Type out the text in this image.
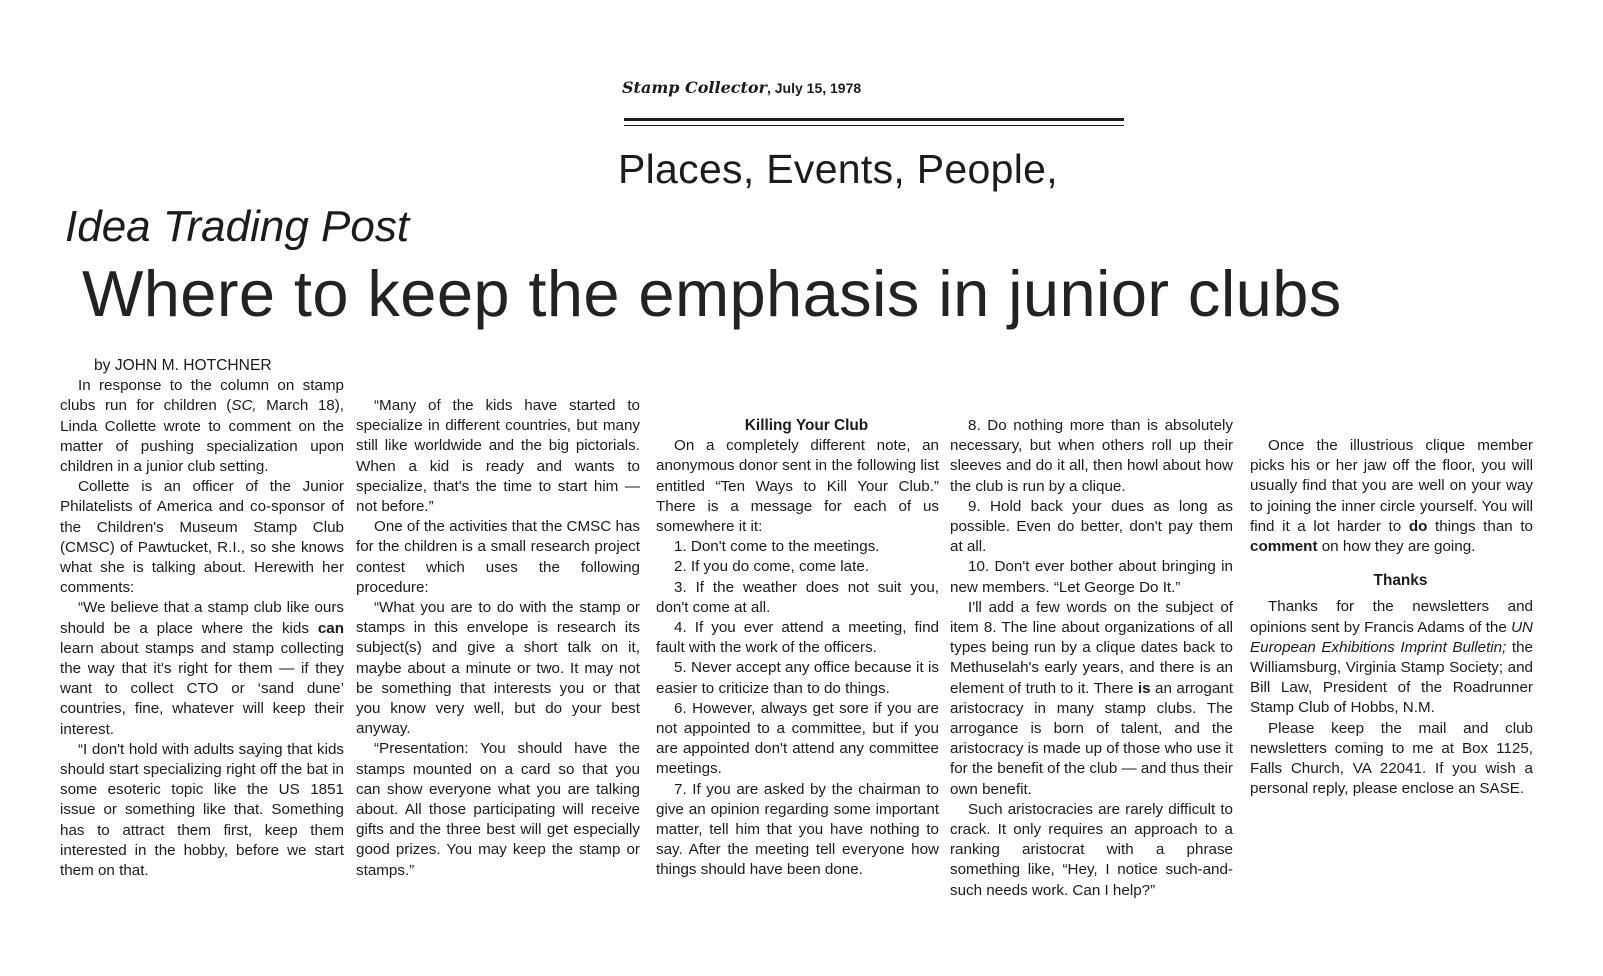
Stamp Collector, July 15, 1978
Places, Events, People,
Idea Trading Post
Where to keep the emphasis in junior clubs

by JOHN M. HOTCHNER

In response to the column on stamp clubs run for children (SC, March 18), Linda Collette wrote to comment on the matter of pushing specialization upon children in a junior club setting.

Collette is an officer of the Junior Philatelists of America and co-sponsor of the Children's Museum Stamp Club (CMSC) of Pawtucket, R.I., so she knows what she is talking about. Herewith her comments:

“We believe that a stamp club like ours should be a place where the kids can learn about stamps and stamp collecting the way that it's right for them — if they want to collect CTO or ‘sand dune’ countries, fine, whatever will keep their interest.

“I don't hold with adults saying that kids should start specializing right off the bat in some esoteric topic like the US 1851 issue or something like that. Something has to attract them first, keep them interested in the hobby, before we start them on that.

“Many of the kids have started to specialize in different countries, but many still like worldwide and the big pictorials. When a kid is ready and wants to specialize, that's the time to start him — not before.”

One of the activities that the CMSC has for the children is a small research project contest which uses the following procedure:

“What you are to do with the stamp or stamps in this envelope is research its subject(s) and give a short talk on it, maybe about a minute or two. It may not be something that interests you or that you know very well, but do your best anyway.

“Presentation: You should have the stamps mounted on a card so that you can show everyone what you are talking about. All those participating will receive gifts and the three best will get especially good prizes. You may keep the stamp or stamps.”

Killing Your Club

On a completely different note, an anonymous donor sent in the following list entitled “Ten Ways to Kill Your Club.” There is a message for each of us somewhere it it:

1. Don't come to the meetings.

2. If you do come, come late.

3. If the weather does not suit you, don't come at all.

4. If you ever attend a meeting, find fault with the work of the officers.

5. Never accept any office because it is easier to criticize than to do things.

6. However, always get sore if you are not appointed to a committee, but if you are appointed don't attend any committee meetings.

7. If you are asked by the chairman to give an opinion regarding some important matter, tell him that you have nothing to say. After the meeting tell everyone how things should have been done.

8. Do nothing more than is absolutely necessary, but when others roll up their sleeves and do it all, then howl about how the club is run by a clique.

9. Hold back your dues as long as possible. Even do better, don't pay them at all.

10. Don't ever bother about bringing in new members. “Let George Do It.”

I'll add a few words on the subject of item 8. The line about organizations of all types being run by a clique dates back to Methuselah's early years, and there is an element of truth to it. There is an arrogant aristocracy in many stamp clubs. The arrogance is born of talent, and the aristocracy is made up of those who use it for the benefit of the club — and thus their own benefit.

Such aristocracies are rarely difficult to crack. It only requires an approach to a ranking aristocrat with a phrase something like, “Hey, I notice such-and-such needs work. Can I help?”

Once the illustrious clique member picks his or her jaw off the floor, you will usually find that you are well on your way to joining the inner circle yourself. You will find it a lot harder to do things than to comment on how they are going.

Thanks

Thanks for the newsletters and opinions sent by Francis Adams of the UN European Exhibitions Imprint Bulletin; the Williamsburg, Virginia Stamp Society; and Bill Law, President of the Roadrunner Stamp Club of Hobbs, N.M.

Please keep the mail and club newsletters coming to me at Box 1125, Falls Church, VA 22041. If you wish a personal reply, please enclose an SASE.
